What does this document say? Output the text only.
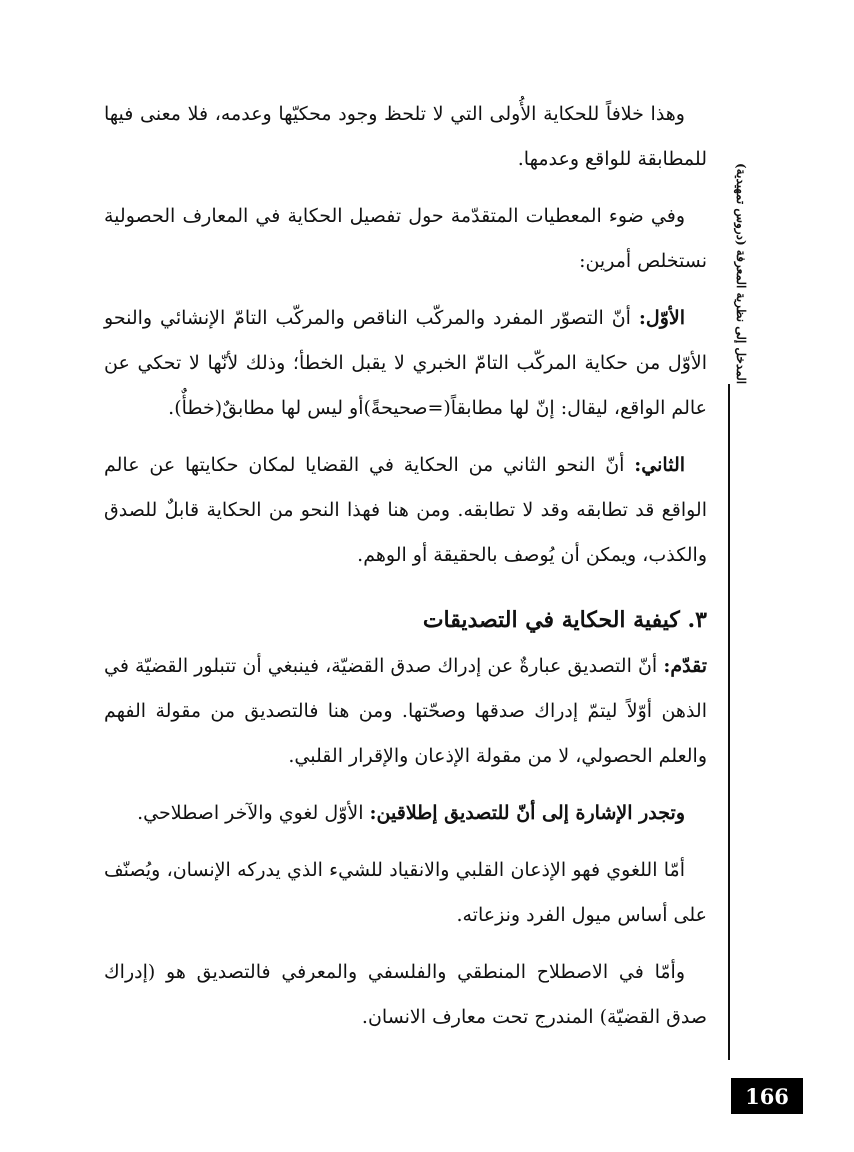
المدخل إلى نظرية المعرفة (دروس تمهيدية)

وهذا خلافاً للحكاية الأُولى التي لا تلحظ وجود محكيّها وعدمه، فلا معنى فيها للمطابقة للواقع وعدمها.

وفي ضوء المعطيات المتقدّمة حول تفصيل الحكاية في المعارف الحصولية نستخلص أمرين:

الأوّل: أنّ التصوّر المفرد والمركّب الناقص والمركّب التامّ الإنشائي والنحو الأوّل من حكاية المركّب التامّ الخبري لا يقبل الخطأ؛ وذلك لأنّها لا تحكي عن عالم الواقع، ليقال: إنّ لها مطابقاً(=صحيحةً)أو ليس لها مطابقٌ(خطأٌ).

الثاني: أنّ النحو الثاني من الحكاية في القضايا لمكان حكايتها عن عالم الواقع قد تطابقه وقد لا تطابقه. ومن هنا فهذا النحو من الحكاية قابلٌ للصدق والكذب، ويمكن أن يُوصف بالحقيقة أو الوهم.

٣. كيفية الحكاية في التصديقات

تقدّم: أنّ التصديق عبارةٌ عن إدراك صدق القضيّة، فينبغي أن تتبلور القضيّة في الذهن أوّلاً ليتمّ إدراك صدقها وصحّتها. ومن هنا فالتصديق من مقولة الفهم والعلم الحصولي، لا من مقولة الإذعان والإقرار القلبي.

وتجدر الإشارة إلى أنّ للتصديق إطلاقين: الأوّل لغوي والآخر اصطلاحي.

أمّا اللغوي فهو الإذعان القلبي والانقياد للشيء الذي يدركه الإنسان، ويُصنّف على أساس ميول الفرد ونزعاته.

وأمّا في الاصطلاح المنطقي والفلسفي والمعرفي فالتصديق هو (إدراك صدق القضيّة) المندرج تحت معارف الانسان.

166
